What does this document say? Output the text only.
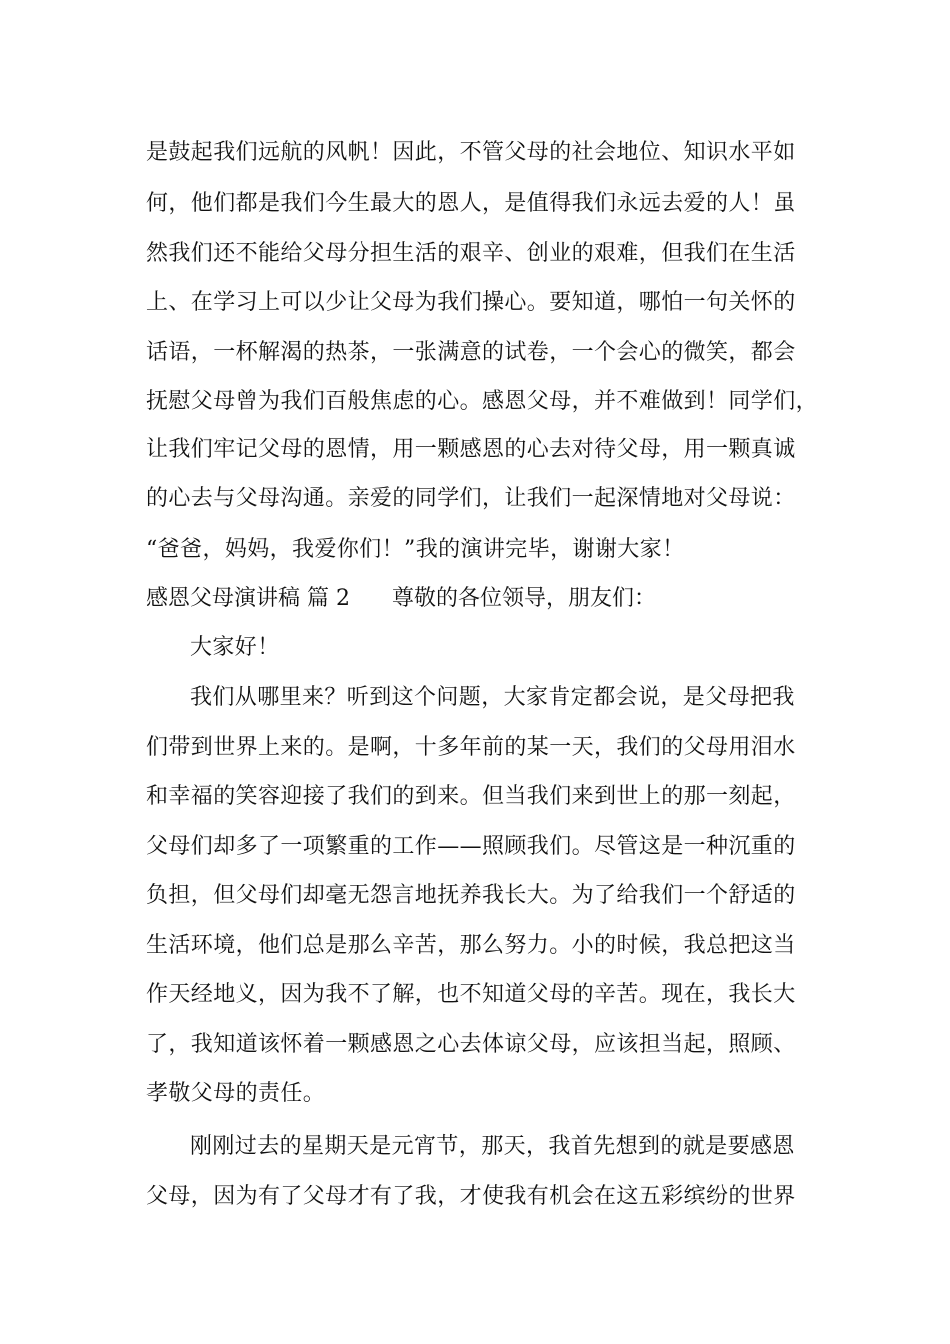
是鼓起我们远航的风帆！因此，不管父母的社会地位、知识水平如
何，他们都是我们今生最大的恩人，是值得我们永远去爱的人！虽
然我们还不能给父母分担生活的艰辛、创业的艰难，但我们在生活
上、在学习上可以少让父母为我们操心。要知道，哪怕一句关怀的
话语，一杯解渴的热茶，一张满意的试卷，一个会心的微笑，都会
抚慰父母曾为我们百般焦虑的心。感恩父母，并不难做到！同学们，
让我们牢记父母的恩情，用一颗感恩的心去对待父母，用一颗真诚
的心去与父母沟通。亲爱的同学们，让我们一起深情地对父母说：
“爸爸，妈妈，我爱你们！”我的演讲完毕，谢谢大家！
感恩父母演讲稿 篇 2 尊敬的各位领导，朋友们：
大家好！
我们从哪里来？听到这个问题，大家肯定都会说，是父母把我
们带到世界上来的。是啊，十多年前的某一天，我们的父母用泪水
和幸福的笑容迎接了我们的到来。但当我们来到世上的那一刻起，
父母们却多了一项繁重的工作——照顾我们。尽管这是一种沉重的
负担，但父母们却毫无怨言地抚养我长大。为了给我们一个舒适的
生活环境，他们总是那么辛苦，那么努力。小的时候，我总把这当
作天经地义，因为我不了解，也不知道父母的辛苦。现在，我长大
了，我知道该怀着一颗感恩之心去体谅父母，应该担当起，照顾、
孝敬父母的责任。
刚刚过去的星期天是元宵节，那天，我首先想到的就是要感恩
父母，因为有了父母才有了我，才使我有机会在这五彩缤纷的世界
